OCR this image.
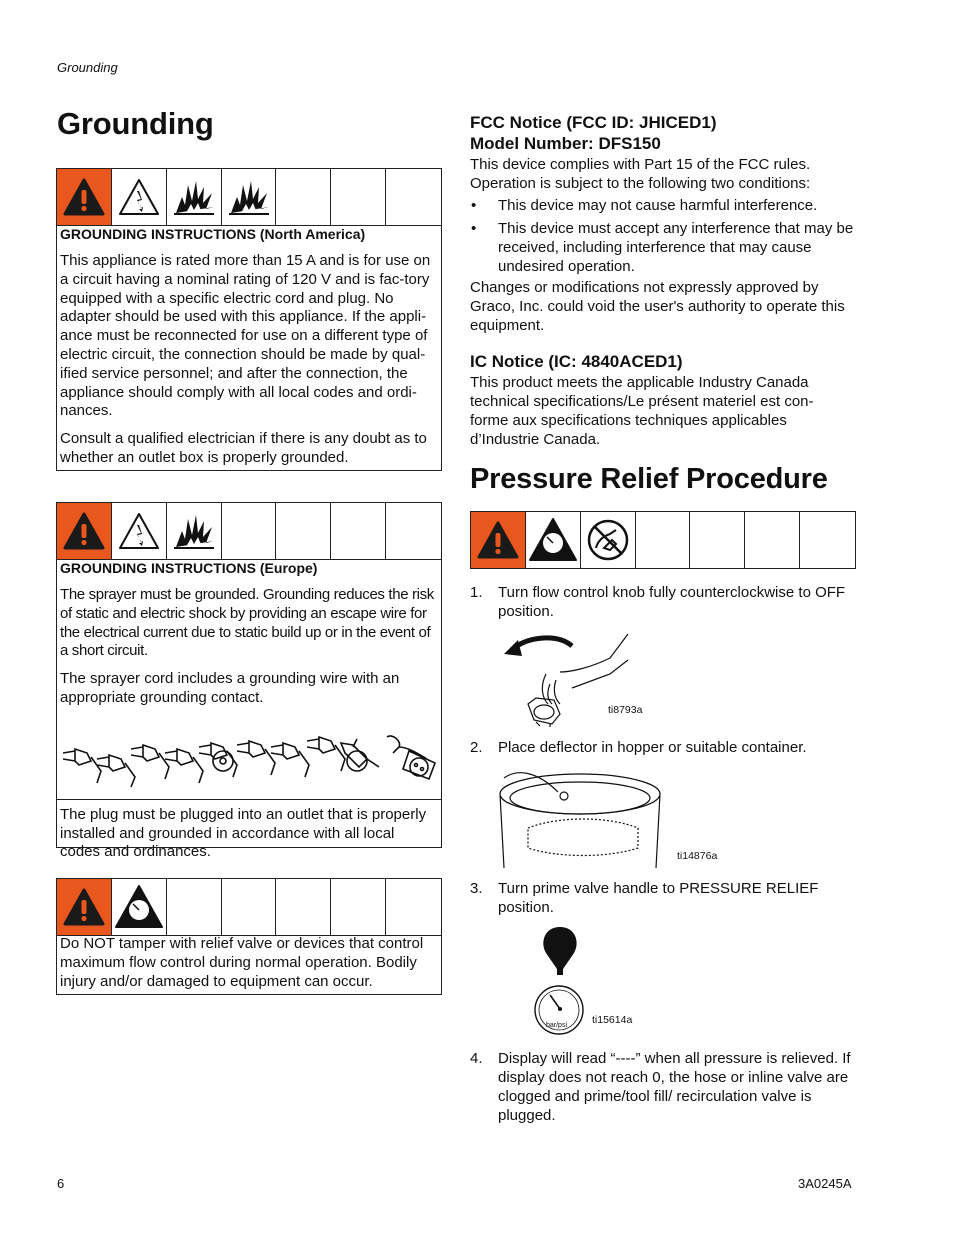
Grounding
Grounding
GROUNDING INSTRUCTIONS (North America)
This appliance is rated more than 15 A and is for use on a circuit having a nominal rating of 120 V and is fac-tory equipped with a specific electric cord and plug. No adapter should be used with this appliance. If the appli-ance must be reconnected for use on a different type of electric circuit, the connection should be made by qual-ified service personnel; and after the connection, the appliance should comply with all local codes and ordi-nances.
Consult a qualified electrician if there is any doubt as to whether an outlet box is properly grounded.
GROUNDING INSTRUCTIONS (Europe)
The sprayer must be grounded. Grounding reduces the risk of static and electric shock by providing an escape wire for the electrical current due to static build up or in the event of a short circuit.
The sprayer cord includes a grounding wire with an appropriate grounding contact.
The plug must be plugged into an outlet that is properly installed and grounded in accordance with all local codes and ordinances.
Do NOT tamper with relief valve or devices that control maximum flow control during normal operation. Bodily injury and/or damaged to equipment can occur.
FCC Notice (FCC ID: JHICED1)
Model Number: DFS150
This device complies with Part 15 of the FCC rules. Operation is subject to the following two conditions:
• This device may not cause harmful interference.
• This device must accept any interference that may be received, including interference that may cause undesired operation.
Changes or modifications not expressly approved by Graco, Inc. could void the user's authority to operate this equipment.
IC Notice (IC: 4840ACED1)
This product meets the applicable Industry Canada technical specifications/Le présent materiel est con-forme aux specifications techniques applicables d’Industrie Canada.
Pressure Relief Procedure
1.	Turn flow control knob fully counterclockwise to OFF position.
ti8793a
2.	Place deflector in hopper or suitable container.
ti14876a
3.	Turn prime valve handle to PRESSURE RELIEF position.
bar/psi ti15614a
4.	Display will read “----” when all pressure is relieved. If display does not reach 0, the hose or inline valve are clogged and prime/tool fill/ recirculation valve is plugged.
6	3A0245A
